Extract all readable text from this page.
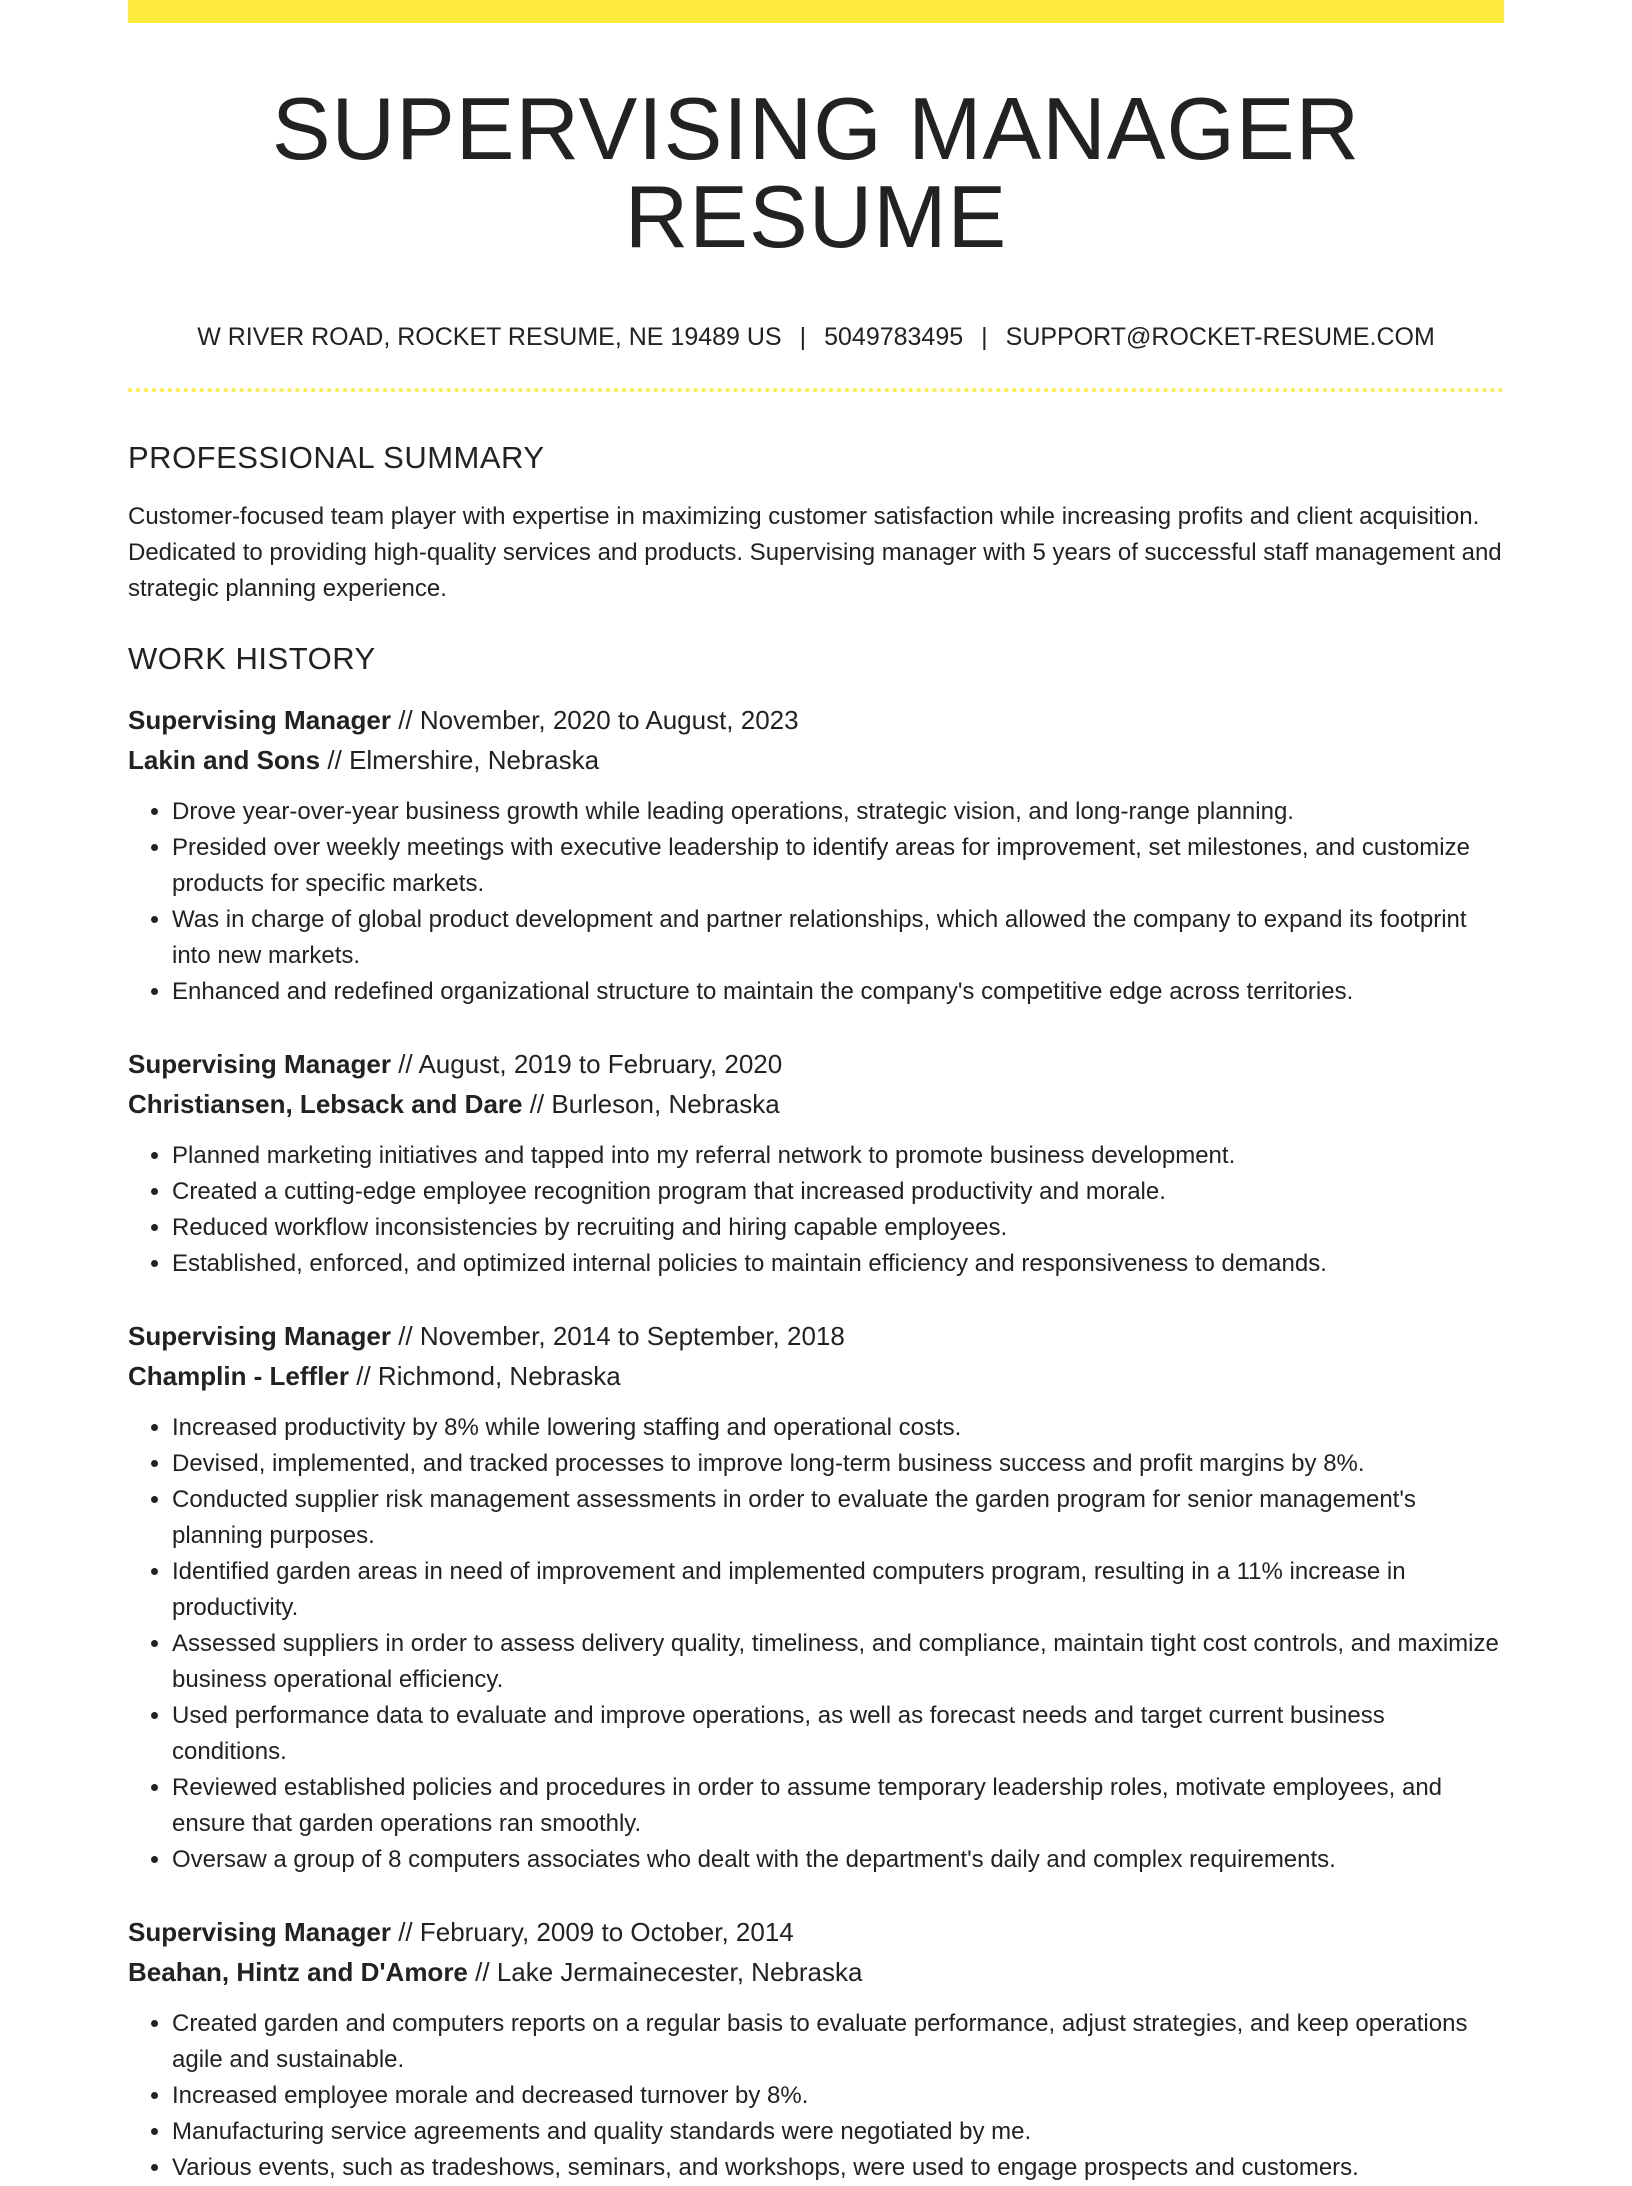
SUPERVISING MANAGER RESUME
W RIVER ROAD, ROCKET RESUME, NE 19489 US | 5049783495 | SUPPORT@ROCKET-RESUME.COM
PROFESSIONAL SUMMARY

Customer-focused team player with expertise in maximizing customer satisfaction while increasing profits and client acquisition. Dedicated to providing high-quality services and products. Supervising manager with 5 years of successful staff management and strategic planning experience.

WORK HISTORY
Supervising Manager // November, 2020 to August, 2023
Lakin and Sons // Elmershire, Nebraska
• Drove year-over-year business growth while leading operations, strategic vision, and long-range planning.
• Presided over weekly meetings with executive leadership to identify areas for improvement, set milestones, and customize products for specific markets.
• Was in charge of global product development and partner relationships, which allowed the company to expand its footprint into new markets.
• Enhanced and redefined organizational structure to maintain the company's competitive edge across territories.
Supervising Manager // August, 2019 to February, 2020
Christiansen, Lebsack and Dare // Burleson, Nebraska
• Planned marketing initiatives and tapped into my referral network to promote business development.
• Created a cutting-edge employee recognition program that increased productivity and morale.
• Reduced workflow inconsistencies by recruiting and hiring capable employees.
• Established, enforced, and optimized internal policies to maintain efficiency and responsiveness to demands.
Supervising Manager // November, 2014 to September, 2018
Champlin - Leffler // Richmond, Nebraska
• Increased productivity by 8% while lowering staffing and operational costs.
• Devised, implemented, and tracked processes to improve long-term business success and profit margins by 8%.
• Conducted supplier risk management assessments in order to evaluate the garden program for senior management's planning purposes.
• Identified garden areas in need of improvement and implemented computers program, resulting in a 11% increase in productivity.
• Assessed suppliers in order to assess delivery quality, timeliness, and compliance, maintain tight cost controls, and maximize business operational efficiency.
• Used performance data to evaluate and improve operations, as well as forecast needs and target current business conditions.
• Reviewed established policies and procedures in order to assume temporary leadership roles, motivate employees, and ensure that garden operations ran smoothly.
• Oversaw a group of 8 computers associates who dealt with the department's daily and complex requirements.
Supervising Manager // February, 2009 to October, 2014
Beahan, Hintz and D'Amore // Lake Jermainecester, Nebraska
• Created garden and computers reports on a regular basis to evaluate performance, adjust strategies, and keep operations agile and sustainable.
• Increased employee morale and decreased turnover by 8%.
• Manufacturing service agreements and quality standards were negotiated by me.
• Various events, such as tradeshows, seminars, and workshops, were used to engage prospects and customers.
